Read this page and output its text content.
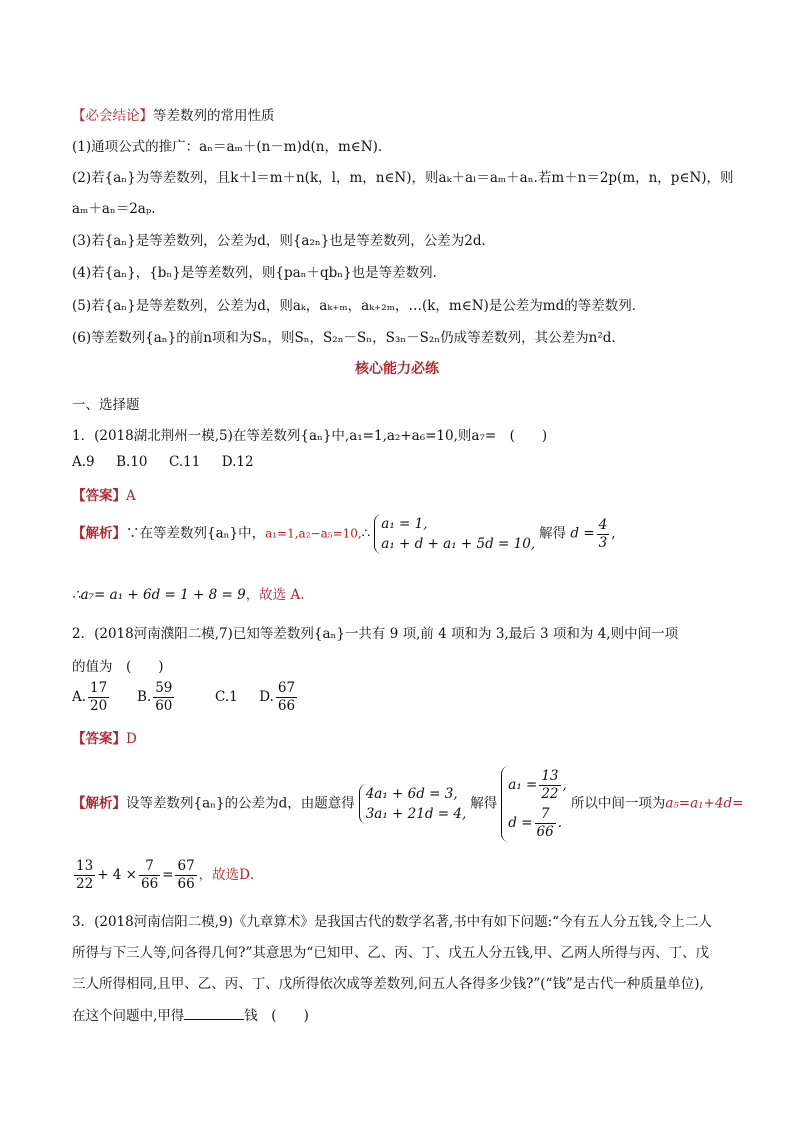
【必会结论】等差数列的常用性质
(1)通项公式的推广：aₙ＝aₘ＋(n－m)d(n，m∈N)．
(2)若{aₙ}为等差数列，且k＋l＝m＋n(k，l，m，n∈N)，则aₖ＋aₗ＝aₘ＋aₙ.若m＋n＝2p(m，n，p∈N)，则
aₘ＋aₙ＝2aₚ.
(3)若{aₙ}是等差数列，公差为d，则{a₂ₙ}也是等差数列，公差为2d.
(4)若{aₙ}，{bₙ}是等差数列，则{paₙ＋qbₙ}也是等差数列．
(5)若{aₙ}是等差数列，公差为d，则aₖ，aₖ₊ₘ，aₖ₊₂ₘ，…(k，m∈N)是公差为md的等差数列．
(6)等差数列{aₙ}的前n项和为Sₙ，则Sₙ，S₂ₙ－Sₙ，S₃ₙ－S₂ₙ仍成等差数列，其公差为n²d.
核心能力必练
一、选择题
1．(2018湖北荆州一模,5)在等差数列{aₙ}中,a₁=1,a₂+a₆=10,则a₇=　(　　)
A.9 B.10 C.11 D.12
【答案】A
【解析】∵在等差数列{aₙ}中，a₁=1,a₂−a₅=10,∴
a₁ = 1,
a₁ + d + a₁ + 5d = 10,
解得 $d = \frac{4}{3}$ ,
∴a₇= a₁ + 6d = 1 + 8 = 9，故选 A.
2．(2018河南濮阳二模,7)已知等差数列{aₙ}一共有 9 项,前 4 项和为 3,最后 3 项和为 4,则中间一项
的值为　(　　)
A. $\frac{17}{20} B$. $\frac{59}{60}$	C.1 D. $\frac{67}{66}$
【答案】D
【解析】设等差数列{aₙ}的公差为d，由题意得
4a₁ + 6d = 3,
3a₁ + 21d = 4,
解得
$a_1 = \frac{13}{22}$ ,
$d = \frac{7}{66}$ .
所以中间一项为a₅=a₁+4d=
$\frac{13}{22} + 4 \times \frac{7}{66} = \frac{67}{66}$ ，故选D．
3．(2018河南信阳二模,9)《九章算术》是我国古代的数学名著,书中有如下问题:“今有五人分五钱,令上二人
所得与下三人等,问各得几何?”其意思为“已知甲、乙、丙、丁、戊五人分五钱,甲、乙两人所得与丙、丁、戊
三人所得相同,且甲、乙、丙、丁、戊所得依次成等差数列,问五人各得多少钱?”(“钱”是古代一种质量单位),
在这个问题中,甲得	钱　(　　)
